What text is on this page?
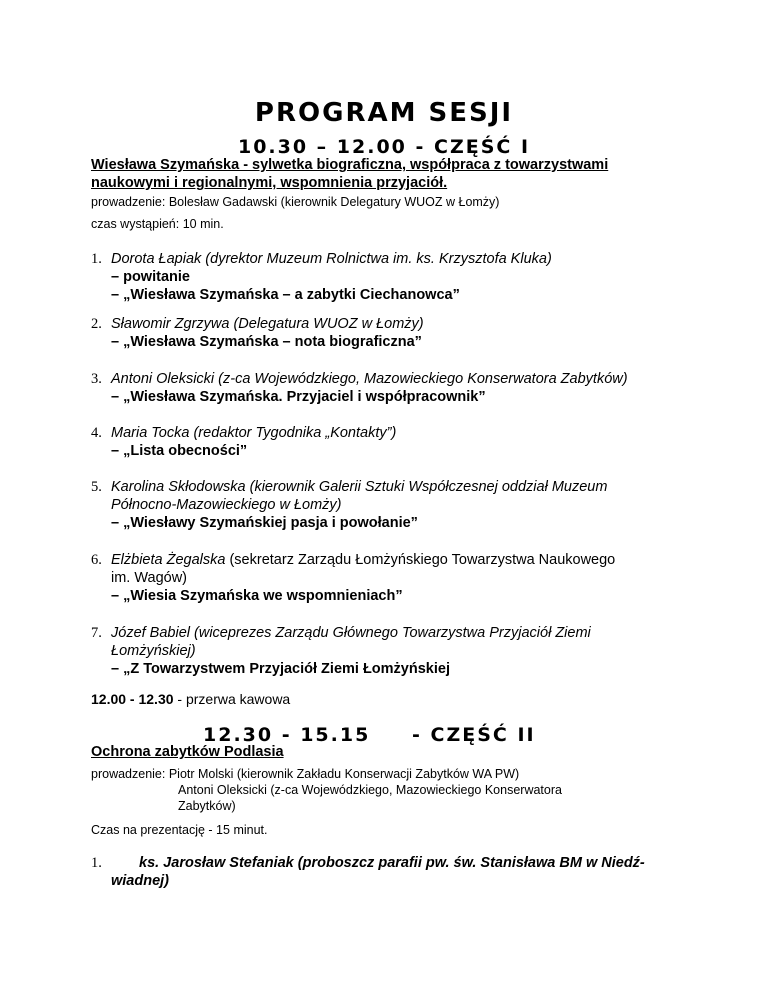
PROGRAM SESJI
10.30 – 12.00 - CZĘŚĆ I
Wiesława Szymańska - sylwetka biograficzna, współpraca z towarzystwami
naukowymi i regionalnymi, wspomnienia przyjaciół.
prowadzenie: Bolesław Gadawski (kierownik Delegatury WUOZ w Łomży)
czas wystąpień: 10 min.
1. Dorota Łapiak (dyrektor Muzeum Rolnictwa im. ks. Krzysztofa Kluka)
– powitanie
– „Wiesława Szymańska – a zabytki Ciechanowca”
2. Sławomir Zgrzywa (Delegatura WUOZ w Łomży)
– „Wiesława Szymańska – nota biograficzna”
3. Antoni Oleksicki (z-ca Wojewódzkiego, Mazowieckiego Konserwatora Zabytków)
– „Wiesława Szymańska. Przyjaciel i współpracownik”
4. Maria Tocka (redaktor Tygodnika „Kontakty”)
– „Lista obecności”
5. Karolina Skłodowska (kierownik Galerii Sztuki Współczesnej oddział Muzeum
Północno-Mazowieckiego w Łomży)
– „Wiesławy Szymańskiej pasja i powołanie”
6. Elżbieta Żegalska (sekretarz Zarządu Łomżyńskiego Towarzystwa Naukowego
im. Wagów)
– „Wiesia Szymańska we wspomnieniach”
7. Józef Babiel (wiceprezes Zarządu Głównego Towarzystwa Przyjaciół Ziemi
Łomżyńskiej)
– „Z Towarzystwem Przyjaciół Ziemi Łomżyńskiej
12.00 - 12.30 - przerwa kawowa
12.30 - 15.15 - CZĘŚĆ II
Ochrona zabytków Podlasia
prowadzenie: Piotr Molski (kierownik Zakładu Konserwacji Zabytków WA PW)

Antoni Oleksicki (z-ca Wojewódzkiego, Mazowieckiego Konserwatora
Zabytków)
Czas na prezentację - 15 minut.
1.	ks. Jarosław Stefaniak (proboszcz parafii pw. św. Stanisława BM w Niedź-
wiadnej)
